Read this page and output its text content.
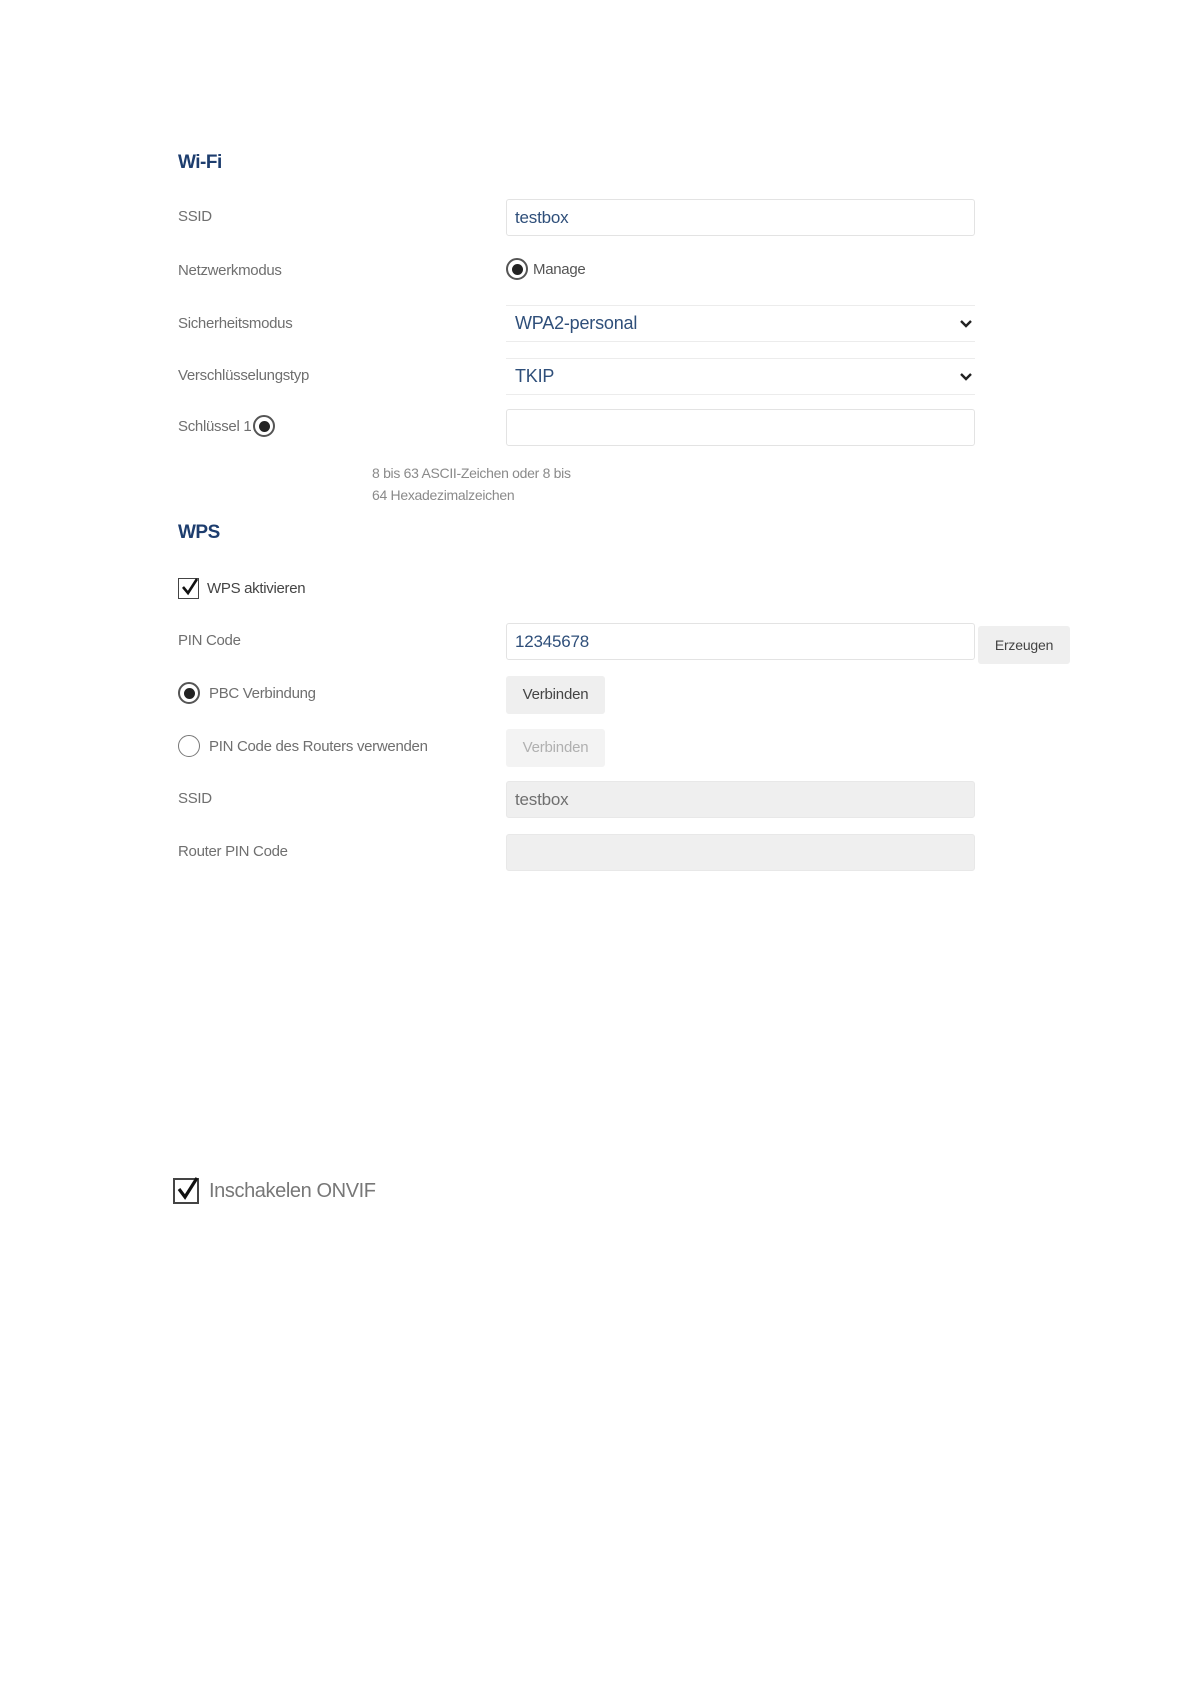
Wi-Fi
SSID	testbox
Netzwerkmodus	Manage
Sicherheitsmodus	WPA2-personal
Verschlüsselungstyp	TKIP
Schlüssel 1
8 bis 63 ASCII-Zeichen oder 8 bis
64 Hexadezimalzeichen
WPS
WPS aktivieren
PIN Code	12345678	Erzeugen
PBC Verbindung	Verbinden
PIN Code des Routers verwenden	Verbinden
SSID	testbox
Router PIN Code
Inschakelen ONVIF
